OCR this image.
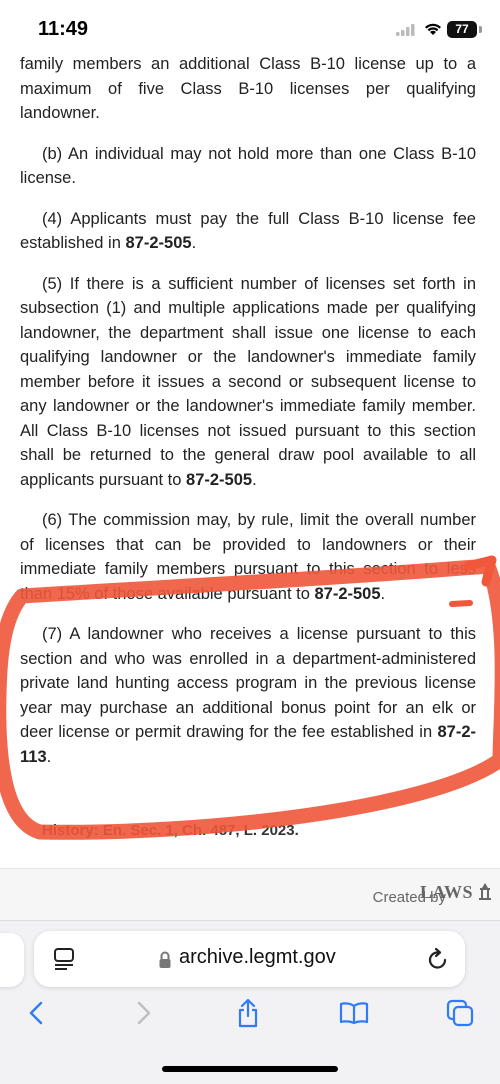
11:49	77

family members an additional Class B-10 license up to a maximum of five Class B-10 licenses per qualifying landowner.

(b) An individual may not hold more than one Class B-10 license.

(4) Applicants must pay the full Class B-10 license fee established in 87-2-505.

(5) If there is a sufficient number of licenses set forth in subsection (1) and multiple applications made per qualifying landowner, the department shall issue one license to each qualifying landowner or the landowner's immediate family member before it issues a second or subsequent license to any landowner or the landowner's immediate family member. All Class B-10 licenses not issued pursuant to this section shall be returned to the general draw pool available to all applicants pursuant to 87-2-505.

(6) The commission may, by rule, limit the overall number of licenses that can be provided to landowners or their immediate family members pursuant to this section to less than 15% of those available pursuant to 87-2-505.

(7) A landowner who receives a license pursuant to this section and who was enrolled in a department-administered private land hunting access program in the previous license year may purchase an additional bonus point for an elk or deer license or permit drawing for the fee established in 87-2-113.

History: En. Sec. 1, Ch. 487, L. 2023.
Created by
LAWS
archive.legmt.gov
